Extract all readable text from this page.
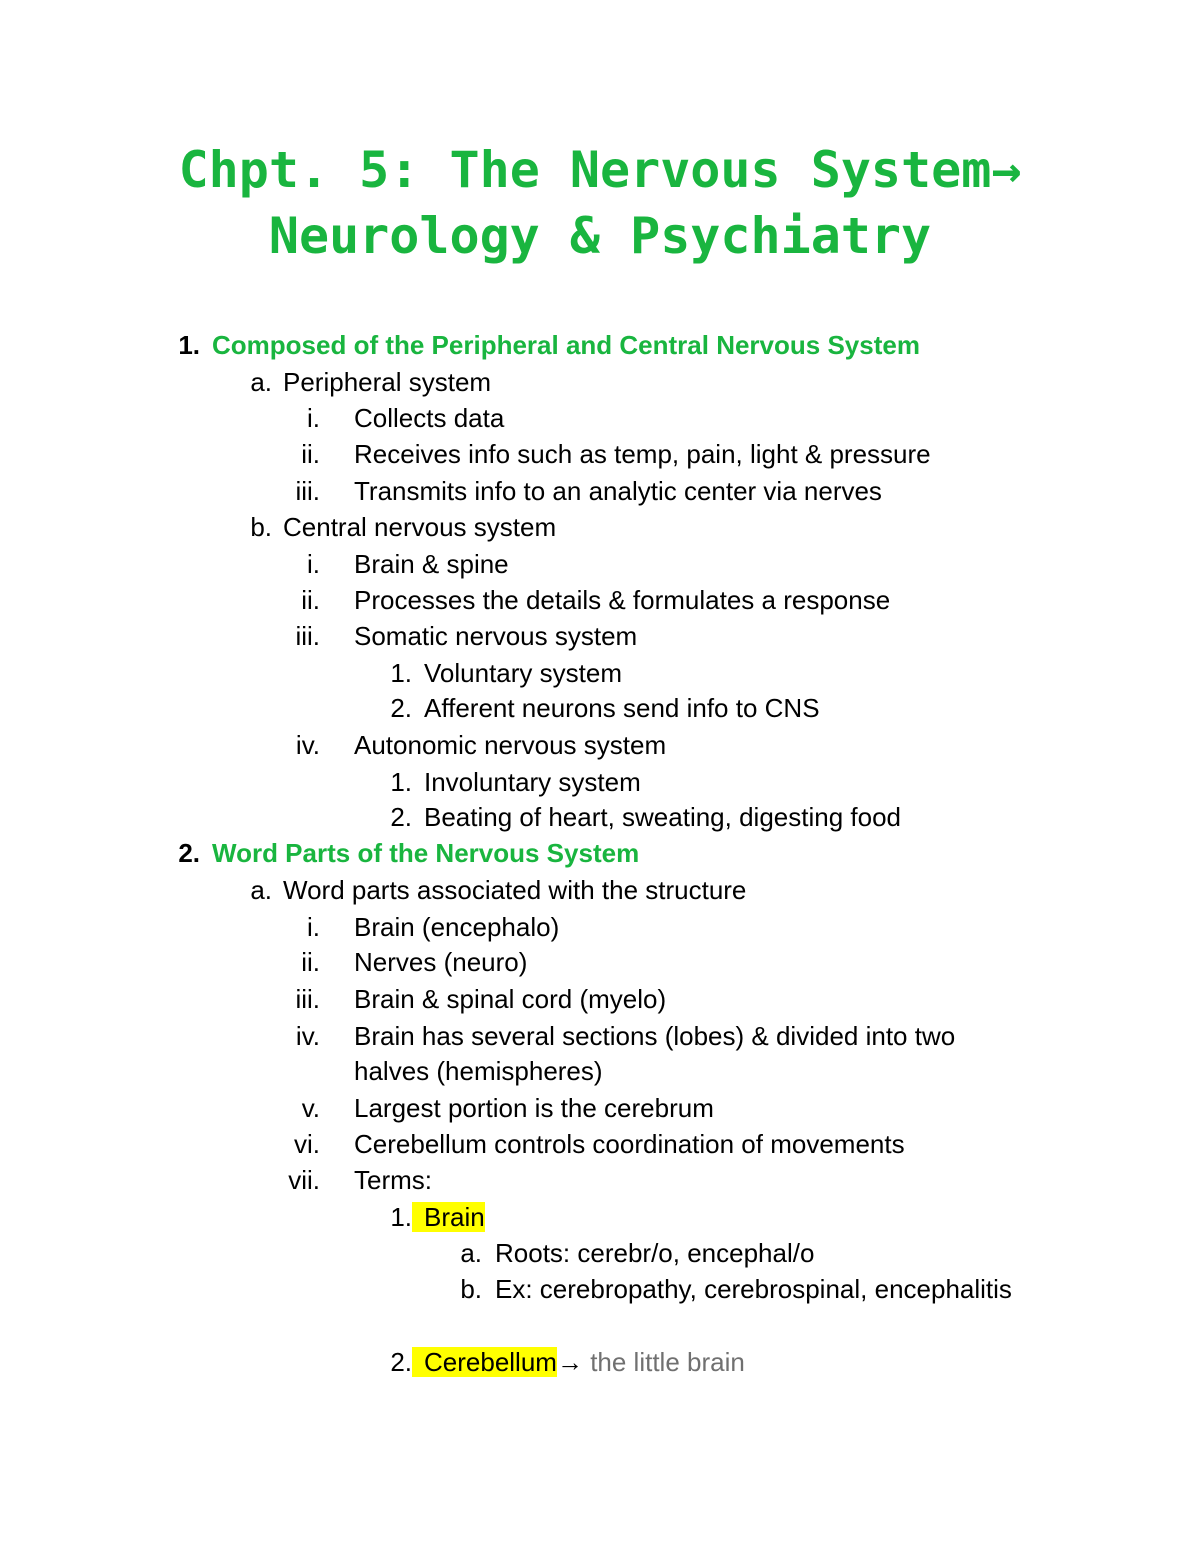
Chpt. 5: The Nervous System→
Neurology & Psychiatry
1. Composed of the Peripheral and Central Nervous System
a. Peripheral system
i. Collects data
ii. Receives info such as temp, pain, light & pressure
iii. Transmits info to an analytic center via nerves
b. Central nervous system
i. Brain & spine
ii. Processes the details & formulates a response
iii. Somatic nervous system
1. Voluntary system
2. Afferent neurons send info to CNS
iv. Autonomic nervous system
1. Involuntary system
2. Beating of heart, sweating, digesting food
2. Word Parts of the Nervous System
a. Word parts associated with the structure
i. Brain (encephalo)
ii. Nerves (neuro)
iii. Brain & spinal cord (myelo)
iv. Brain has several sections (lobes) & divided into two
halves (hemispheres)
v. Largest portion is the cerebrum
vi. Cerebellum controls coordination of movements
vii. Terms:
1. Brain
a. Roots: cerebr/o, encephal/o
b. Ex: cerebropathy, cerebrospinal, encephalitis
2. Cerebellum→ the little brain
